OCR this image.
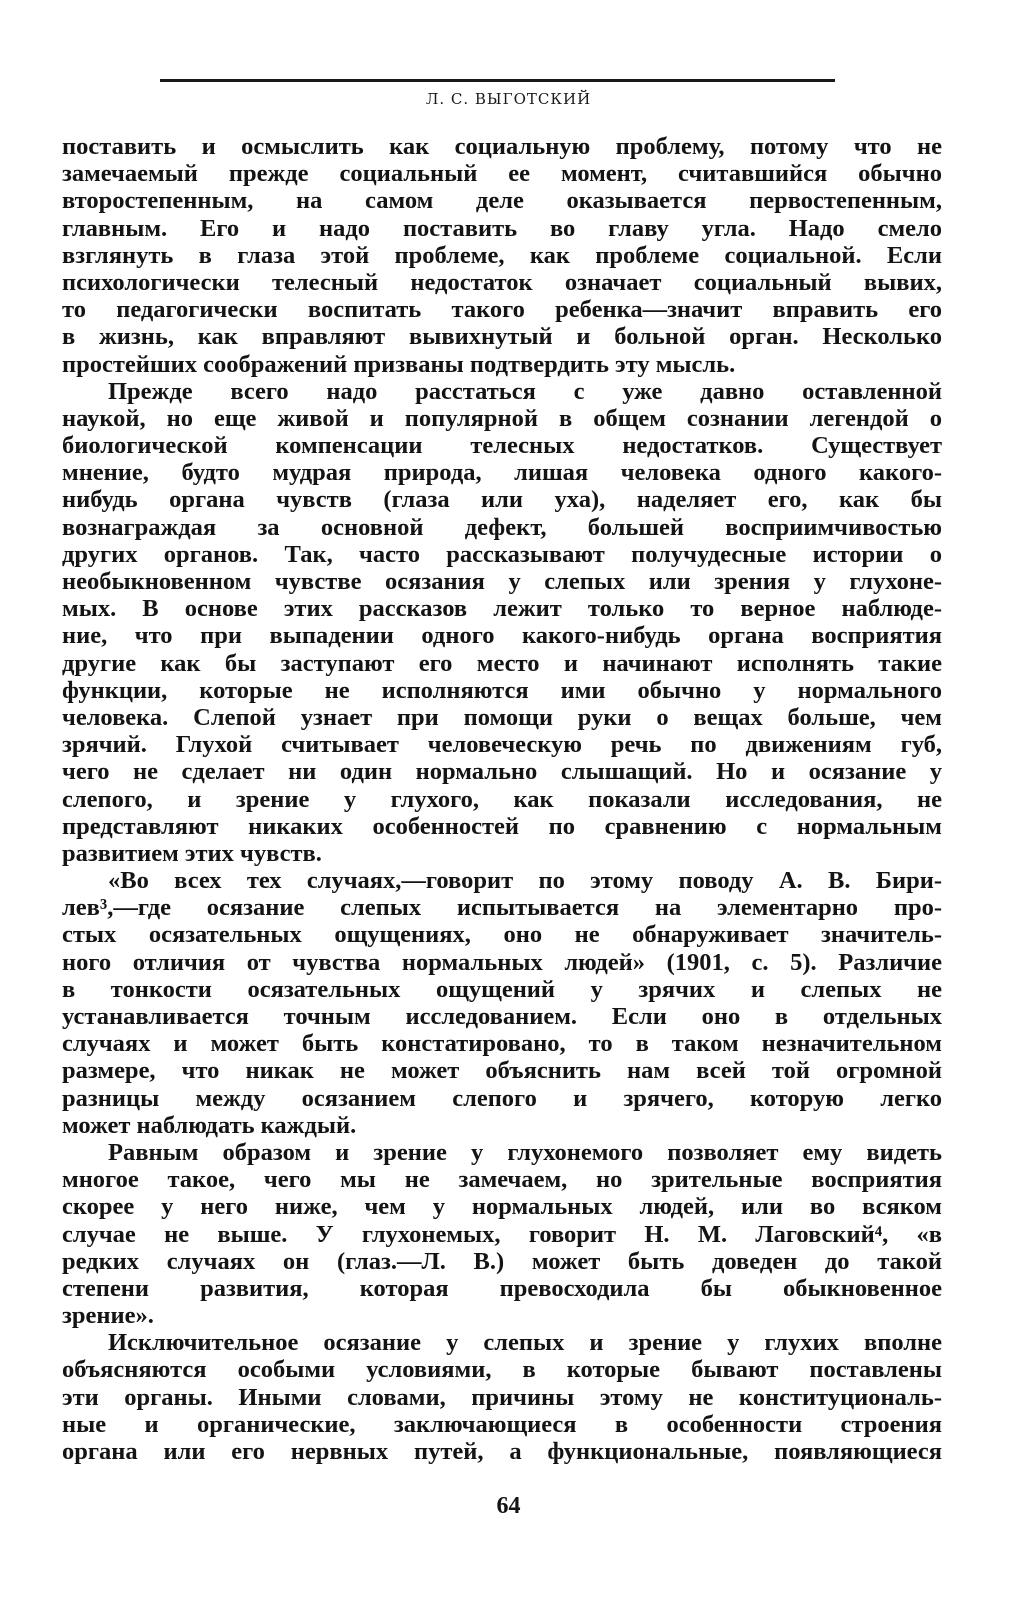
Л. С. ВЫГОТСКИЙ
поставить и осмыслить как социальную проблему, потому что не
замечаемый прежде социальный ее момент, считавшийся обычно
второстепенным, на самом деле оказывается первостепенным,
главным. Его и надо поставить во главу угла. Надо смело
взглянуть в глаза этой проблеме, как проблеме социальной. Если
психологически телесный недостаток означает социальный вывих,
то педагогически воспитать такого ребенка—значит вправить его
в жизнь, как вправляют вывихнутый и больной орган. Несколько
простейших соображений призваны подтвердить эту мысль.
Прежде всего надо расстаться с уже давно оставленной
наукой, но еще живой и популярной в общем сознании легендой о
биологической компенсации телесных недостатков. Существует
мнение, будто мудрая природа, лишая человека одного какого-
нибудь органа чувств (глаза или уха), наделяет его, как бы
вознаграждая за основной дефект, большей восприимчивостью
других органов. Так, часто рассказывают получудесные истории о
необыкновенном чувстве осязания у слепых или зрения у глухоне-
мых. В основе этих рассказов лежит только то верное наблюде-
ние, что при выпадении одного какого-нибудь органа восприятия
другие как бы заступают его место и начинают исполнять такие
функции, которые не исполняются ими обычно у нормального
человека. Слепой узнает при помощи руки о вещах больше, чем
зрячий. Глухой считывает человеческую речь по движениям губ,
чего не сделает ни один нормально слышащий. Но и осязание у
слепого, и зрение у глухого, как показали исследования, не
представляют никаких особенностей по сравнению с нормальным
развитием этих чувств.
«Во всех тех случаях,—говорит по этому поводу А. В. Бири-
лев³,—где осязание слепых испытывается на элементарно про-
стых осязательных ощущениях, оно не обнаруживает значитель-
ного отличия от чувства нормальных людей» (1901, с. 5). Различие
в тонкости осязательных ощущений у зрячих и слепых не
устанавливается точным исследованием. Если оно в отдельных
случаях и может быть констатировано, то в таком незначительном
размере, что никак не может объяснить нам всей той огромной
разницы между осязанием слепого и зрячего, которую легко
может наблюдать каждый.
Равным образом и зрение у глухонемого позволяет ему видеть
многое такое, чего мы не замечаем, но зрительные восприятия
скорее у него ниже, чем у нормальных людей, или во всяком
случае не выше. У глухонемых, говорит Н. М. Лаговский⁴, «в
редких случаях он (глаз.—Л. В.) может быть доведен до такой
степени развития, которая превосходила бы обыкновенное
зрение».
Исключительное осязание у слепых и зрение у глухих вполне
объясняются особыми условиями, в которые бывают поставлены
эти органы. Иными словами, причины этому не конституциональ-
ные и органические, заключающиеся в особенности строения
органа или его нервных путей, а функциональные, появляющиеся
64
